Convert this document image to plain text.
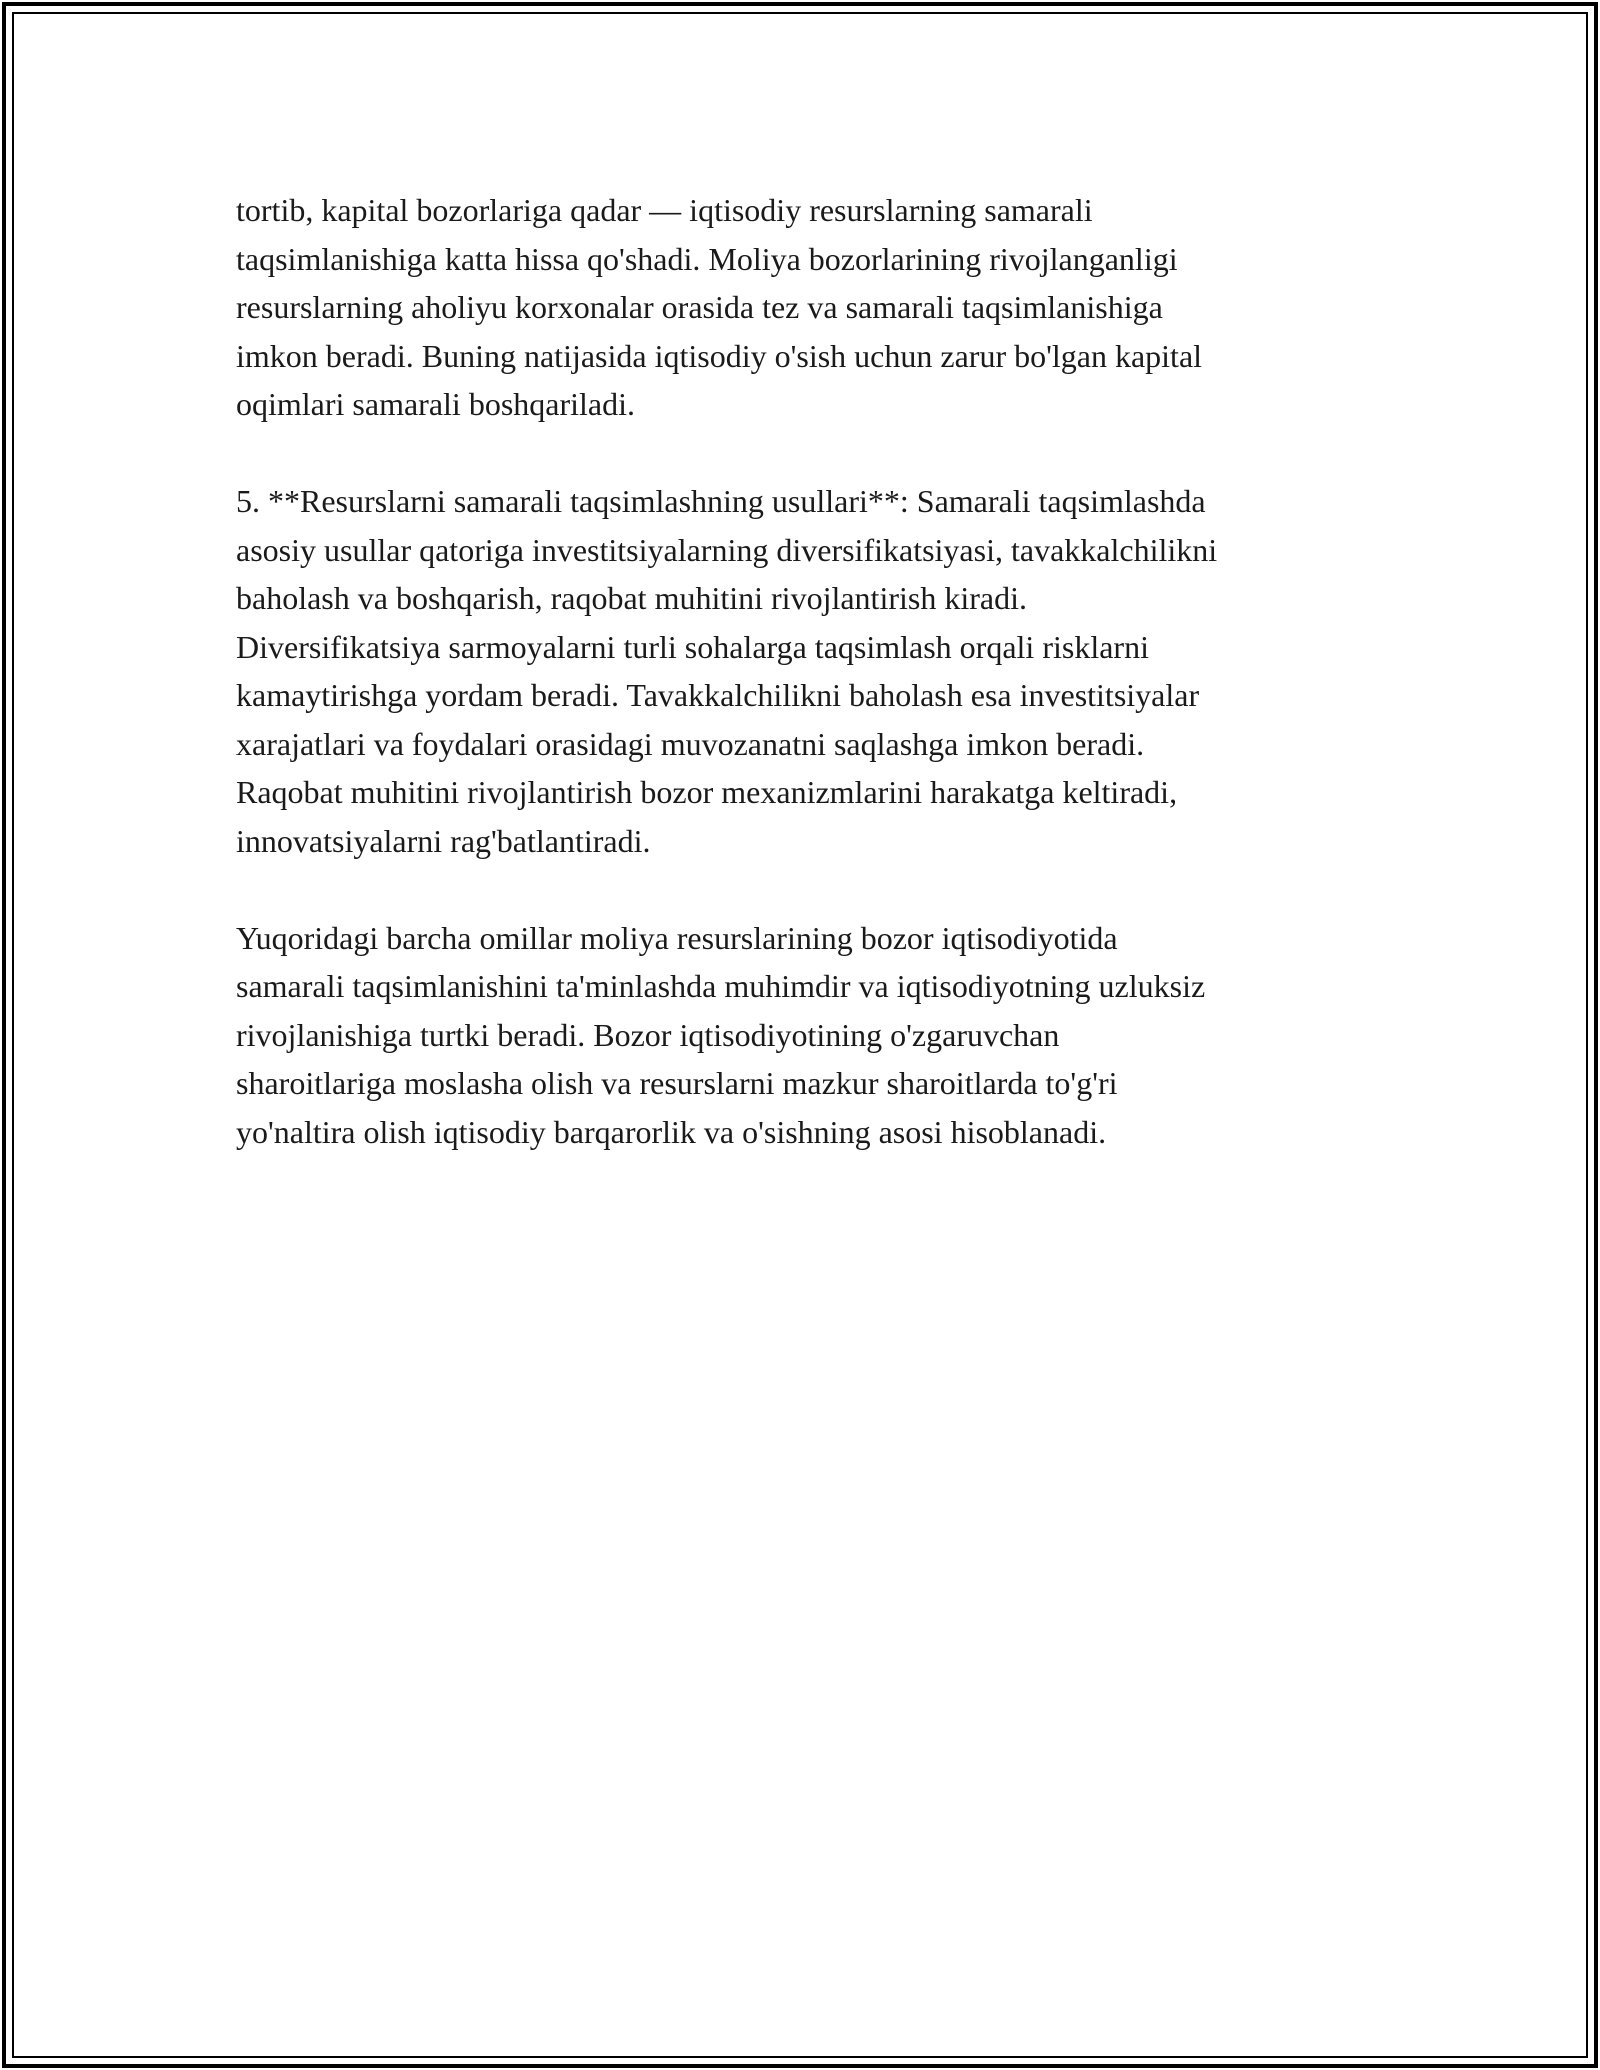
tortib, kapital bozorlariga qadar — iqtisodiy resurslarning samarali
taqsimlanishiga katta hissa qo'shadi. Moliya bozorlarining rivojlanganligi
resurslarning aholiyu korxonalar orasida tez va samarali taqsimlanishiga
imkon beradi. Buning natijasida iqtisodiy o'sish uchun zarur bo'lgan kapital
oqimlari samarali boshqariladi.

5. **Resurslarni samarali taqsimlashning usullari**: Samarali taqsimlashda
asosiy usullar qatoriga investitsiyalarning diversifikatsiyasi, tavakkalchilikni
baholash va boshqarish, raqobat muhitini rivojlantirish kiradi.
Diversifikatsiya sarmoyalarni turli sohalarga taqsimlash orqali risklarni
kamaytirishga yordam beradi. Tavakkalchilikni baholash esa investitsiyalar
xarajatlari va foydalari orasidagi muvozanatni saqlashga imkon beradi.
Raqobat muhitini rivojlantirish bozor mexanizmlarini harakatga keltiradi,
innovatsiyalarni rag'batlantiradi.

Yuqoridagi barcha omillar moliya resurslarining bozor iqtisodiyotida
samarali taqsimlanishini ta'minlashda muhimdir va iqtisodiyotning uzluksiz
rivojlanishiga turtki beradi. Bozor iqtisodiyotining o'zgaruvchan
sharoitlariga moslasha olish va resurslarni mazkur sharoitlarda to'g'ri
yo'naltira olish iqtisodiy barqarorlik va o'sishning asosi hisoblanadi.
